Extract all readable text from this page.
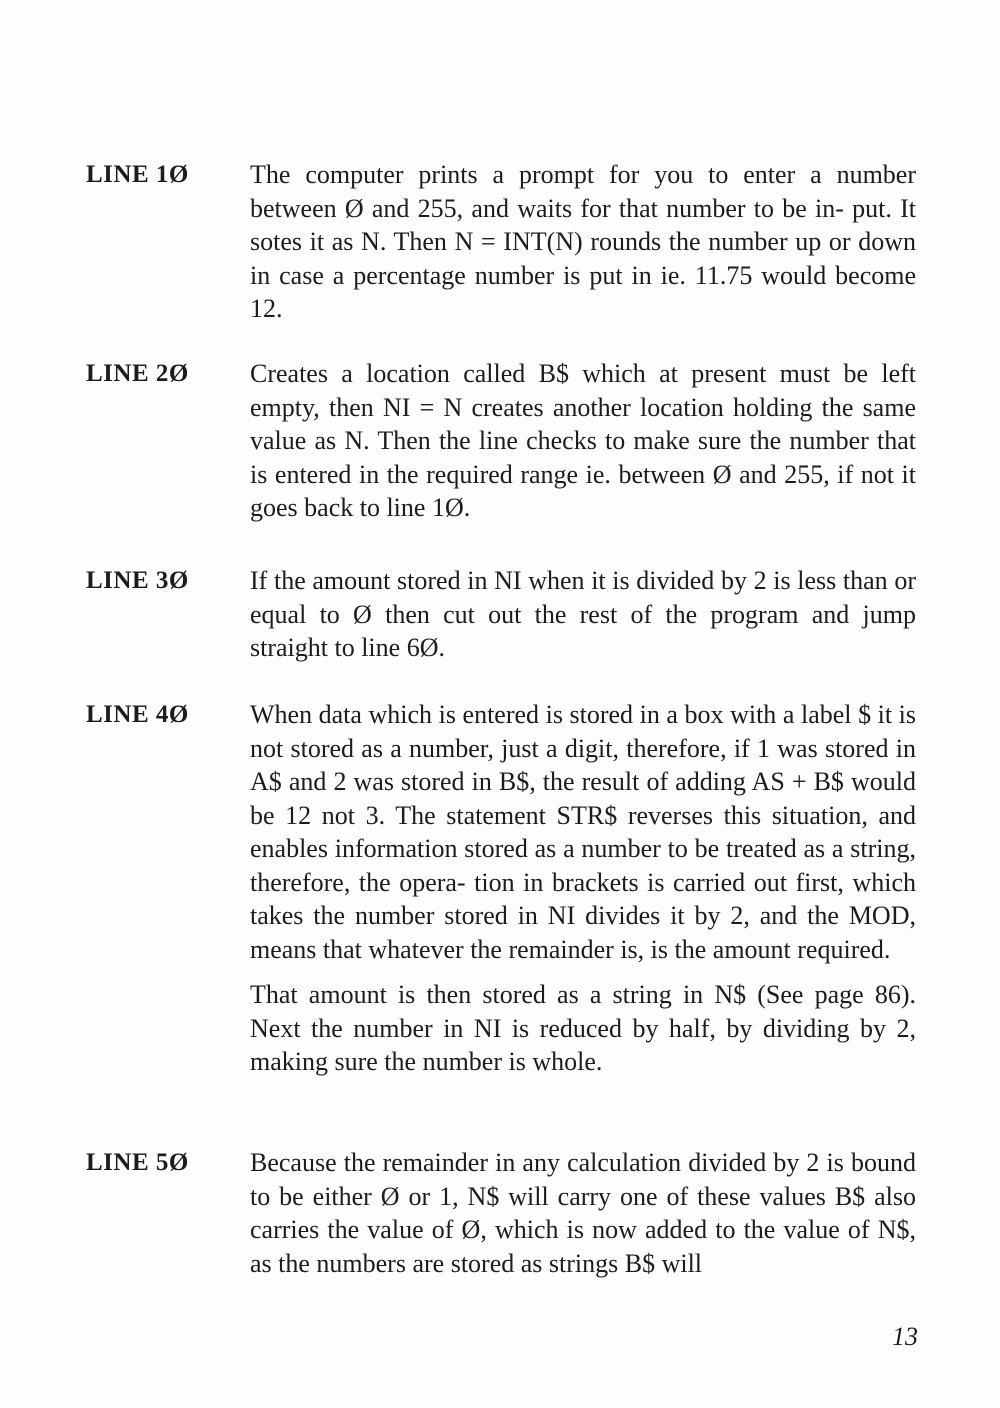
LINE 1Ø The computer prints a prompt for you to enter a number between Ø and 255, and waits for that number to be in- put. It sotes it as N. Then N = INT(N) rounds the number up or down in case a percentage number is put in ie. 11.75 would become 12.

LINE 2Ø Creates a location called B$ which at present must be left empty, then NI = N creates another location holding the same value as N. Then the line checks to make sure the number that is entered in the required range ie. between Ø and 255, if not it goes back to line 1Ø.

LINE 3Ø If the amount stored in NI when it is divided by 2 is less than or equal to Ø then cut out the rest of the program and jump straight to line 6Ø.

LINE 4Ø When data which is entered is stored in a box with a label $ it is not stored as a number, just a digit, therefore, if 1 was stored in A$ and 2 was stored in B$, the result of adding AS + B$ would be 12 not 3. The statement STR$ reverses this situation, and enables information stored as a number to be treated as a string, therefore, the opera- tion in brackets is carried out first, which takes the number stored in NI divides it by 2, and the MOD, means that whatever the remainder is, is the amount required.

That amount is then stored as a string in N$ (See page 86). Next the number in NI is reduced by half, by dividing by 2, making sure the number is whole.

LINE 5Ø Because the remainder in any calculation divided by 2 is bound to be either Ø or 1, N$ will carry one of these values B$ also carries the value of Ø, which is now added to the value of N$, as the numbers are stored as strings B$ will

13
